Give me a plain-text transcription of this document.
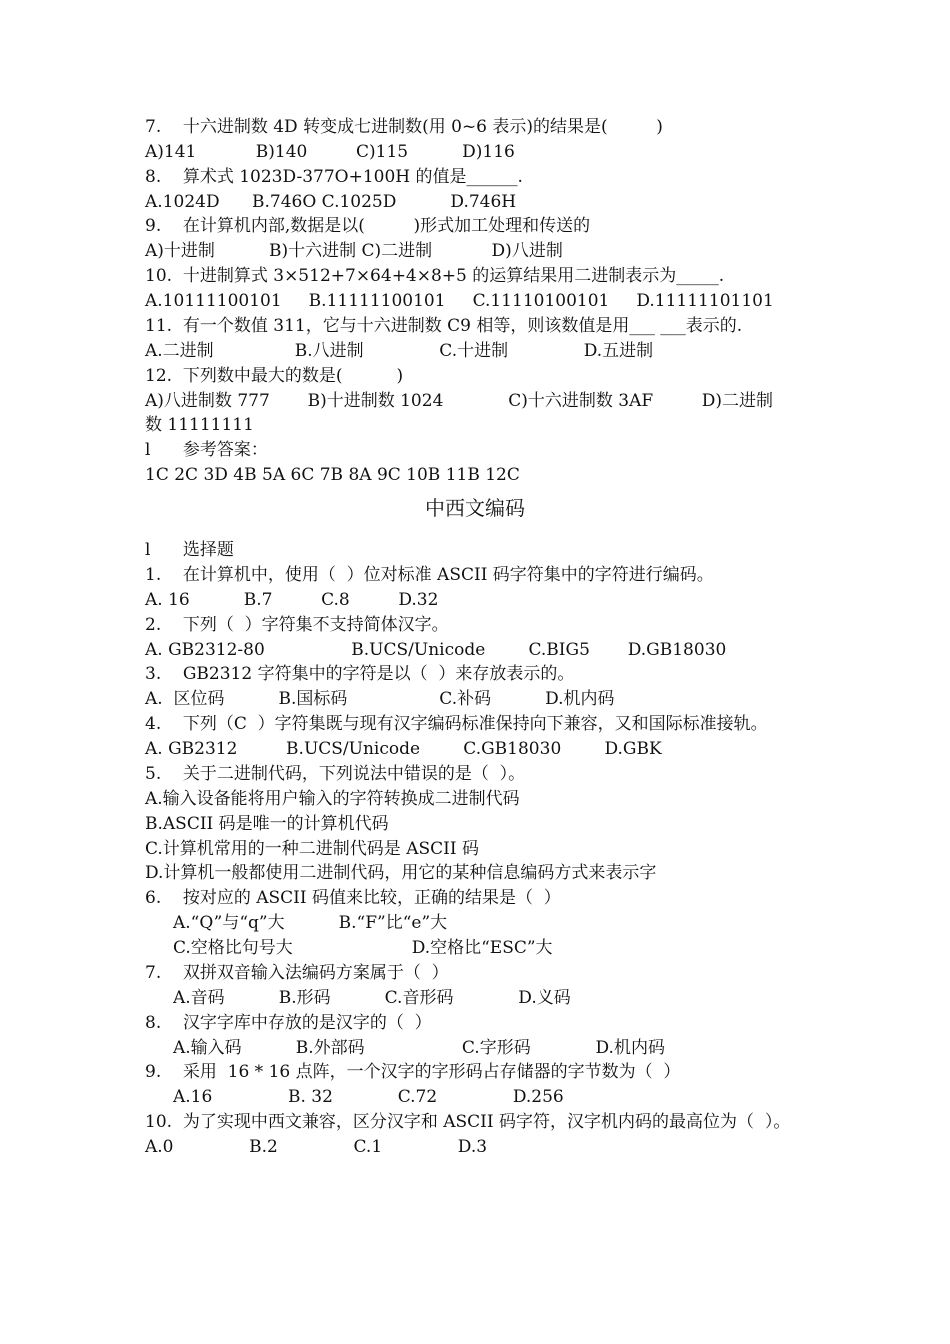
7.    十六进制数 4D 转变成七进制数(用 0~6 表示)的结果是(         )
A)141           B)140         C)115          D)116
8.    算术式 1023D-377O+100H 的值是______.
A.1024D      B.746O C.1025D          D.746H
9.    在计算机内部,数据是以(         )形式加工处理和传送的
A)十进制          B)十六进制 C)二进制           D)八进制
10.  十进制算式 3×512+7×64+4×8+5 的运算结果用二进制表示为_____.
A.10111100101     B.11111100101     C.11110100101     D.11111101101
11.  有一个数值 311，它与十六进制数 C9 相等，则该数值是用___ ___表示的.
A.二进制               B.八进制              C.十进制              D.五进制
12.  下列数中最大的数是(          )
A)八进制数 777       B)十进制数 1024            C)十六进制数 3AF         D)二进制
数 11111111
l      参考答案：
1C 2C 3D 4B 5A 6C 7B 8A 9C 10B 11B 12C
中西文编码
l      选择题
1.    在计算机中，使用（  ）位对标准 ASCII 码字符集中的字符进行编码。
A. 16          B.7         C.8         D.32
2.    下列（  ）字符集不支持简体汉字。
A. GB2312-80                B.UCS/Unicode        C.BIG5       D.GB18030
3.    GB2312 字符集中的字符是以（  ）来存放表示的。
A.  区位码          B.国标码                 C.补码          D.机内码
4.    下列（C  ）字符集既与现有汉字编码标准保持向下兼容，又和国际标准接轨。
A. GB2312         B.UCS/Unicode        C.GB18030        D.GBK
5.    关于二进制代码，下列说法中错误的是（  ）。
A.输入设备能将用户输入的字符转换成二进制代码
B.ASCII 码是唯一的计算机代码
C.计算机常用的一种二进制代码是 ASCII 码
D.计算机一般都使用二进制代码，用它的某种信息编码方式来表示字
6.    按对应的 ASCII 码值来比较，正确的结果是（  ）
A.“Q”与“q”大          B.“F”比“e”大
C.空格比句号大                      D.空格比“ESC”大
7.    双拼双音输入法编码方案属于（  ）
A.音码          B.形码          C.音形码            D.义码
8.    汉字字库中存放的是汉字的（  ）
A.输入码          B.外部码                  C.字形码            D.机内码
9.    采用  16 * 16 点阵，一个汉字的字形码占存储器的字节数为（  ）
A.16              B. 32            C.72              D.256
10.  为了实现中西文兼容，区分汉字和 ASCII 码字符，汉字机内码的最高位为（  ）。
A.0              B.2              C.1              D.3
